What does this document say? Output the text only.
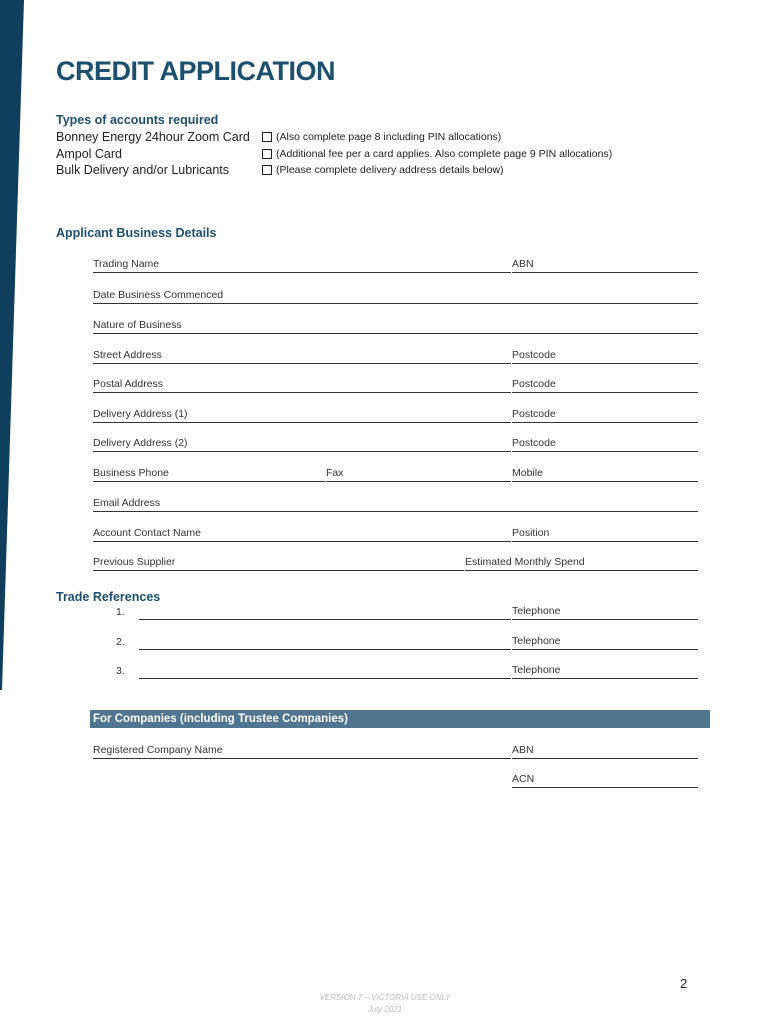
CREDIT APPLICATION
Types of accounts required
Bonney Energy 24hour Zoom Card (Also complete page 8 including PIN allocations)
Ampol Card	(Additional fee per a card applies. Also complete page 9 PIN allocations)
Bulk Delivery and/or Lubricants	(Please complete delivery address details below)
Applicant Business Details
Trading Name	ABN
Date Business Commenced
Nature of Business
Street Address	Postcode
Postal Address	Postcode
Delivery Address (1)	Postcode
Delivery Address (2)	Postcode
Business Phone	Fax	Mobile
Email Address
Account Contact Name	Position
Previous Supplier	Estimated Monthly Spend
Trade References
1.	Telephone
2.	Telephone
3.	Telephone
For Companies (including Trustee Companies)
Registered Company Name	ABN
ACN
2
VERSION 7 – VICTORIA USE ONLY
July 2021
